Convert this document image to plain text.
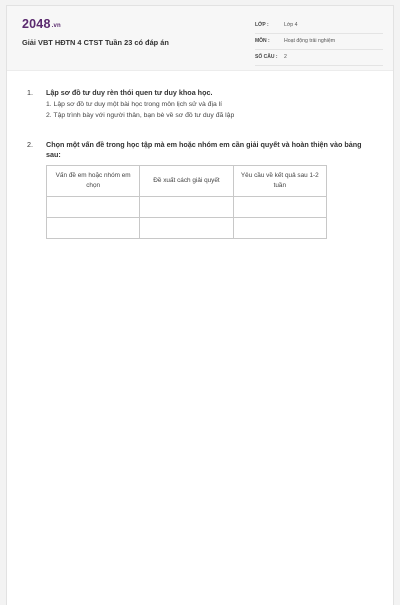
2048.vn
Giải VBT HĐTN 4 CTST Tuần 23 có đáp án
LỚP :	Lớp 4
MÔN :	Hoạt động trải nghiệm
SỐ CÂU : 2
1. Lập sơ đồ tư duy rèn thói quen tư duy khoa học.
1. Lập sơ đồ tư duy một bài học trong môn lịch sử và địa lí
2. Tập trình bày với người thân, bạn bè về sơ đồ tư duy đã lập
2. Chọn một vấn đề trong học tập mà em hoặc nhóm em cần giải quyết và hoàn thiện vào bảng sau:
Vấn đề em hoặc nhóm em chọn	Đề xuất cách giải quyết	Yêu cầu về kết quả sau 1-2 tuần
